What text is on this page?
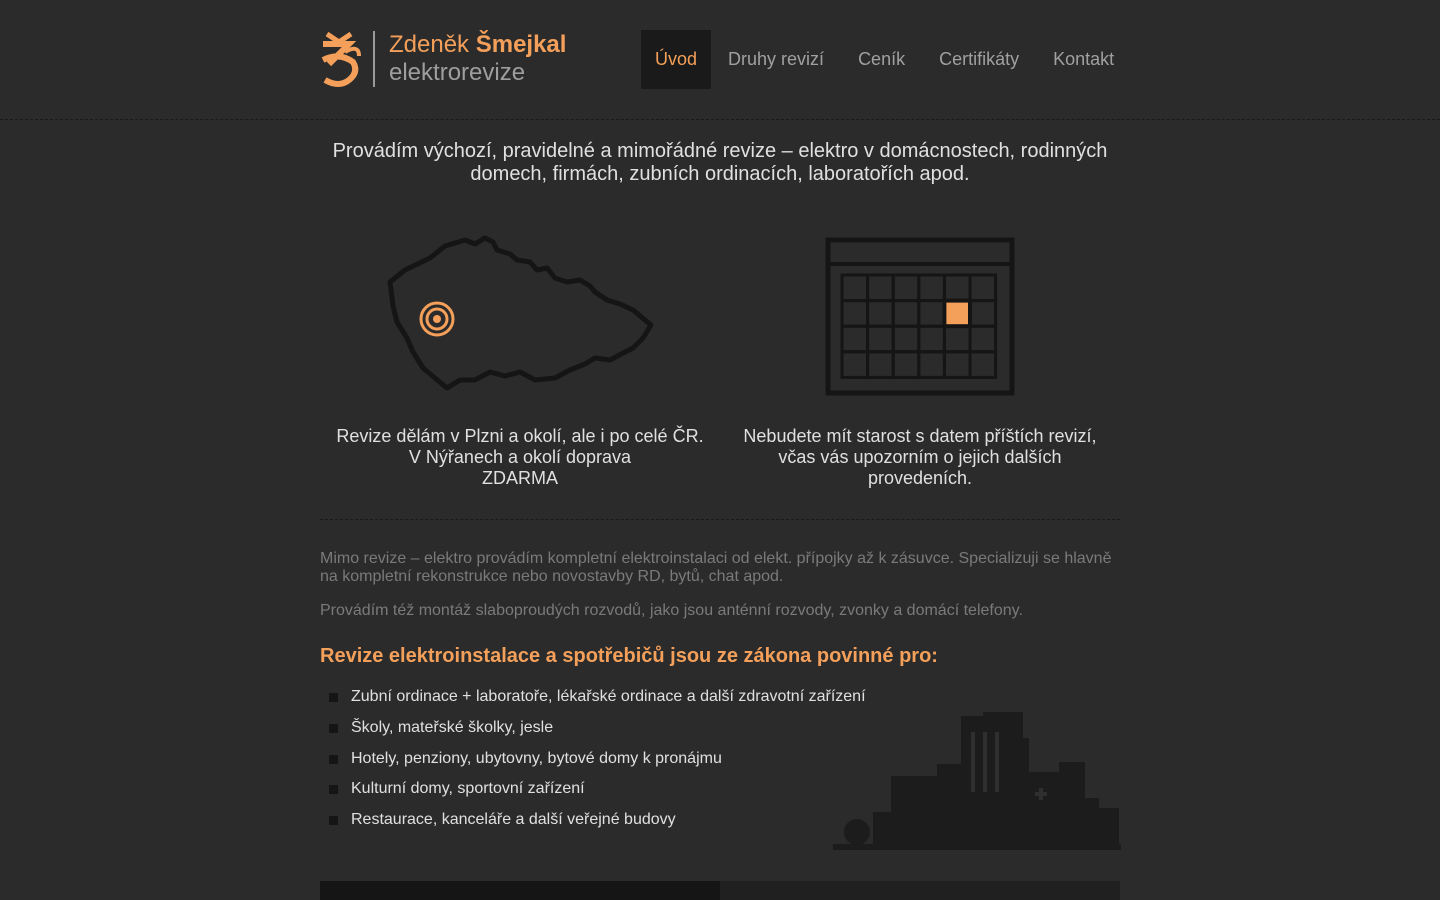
Zdeněk Šmejkal
elektrorevize	Úvod	Druhy revizí	Ceník	Certifikáty	Kontakt
Provádím výchozí, pravidelné a mimořádné revize – elektro v domácnostech, rodinných domech, firmách, zubních ordinacích, laboratořích apod.
Revize dělám v Plzni a okolí, ale i po celé ČR.
V Nýřanech a okolí doprava
ZDARMA
Nebudete mít starost s datem příštích revizí, včas vás upozorním o jejich dalších provedeních.

Mimo revize – elektro provádím kompletní elektroinstalaci od elekt. přípojky až k zásuvce. Specializuji se hlavně na kompletní rekonstrukce nebo novostavby RD, bytů, chat apod.

Provádím též montáž slaboproudých rozvodů, jako jsou anténní rozvody, zvonky a domácí telefony.

Revize elektroinstalace a spotřebičů jsou ze zákona povinné pro:
Zubní ordinace + laboratoře, lékařské ordinace a další zdravotní zařízení
Školy, mateřské školky, jesle
Hotely, penziony, ubytovny, bytové domy k pronájmu
Kulturní domy, sportovní zařízení
Restaurace, kanceláře a další veřejné budovy
